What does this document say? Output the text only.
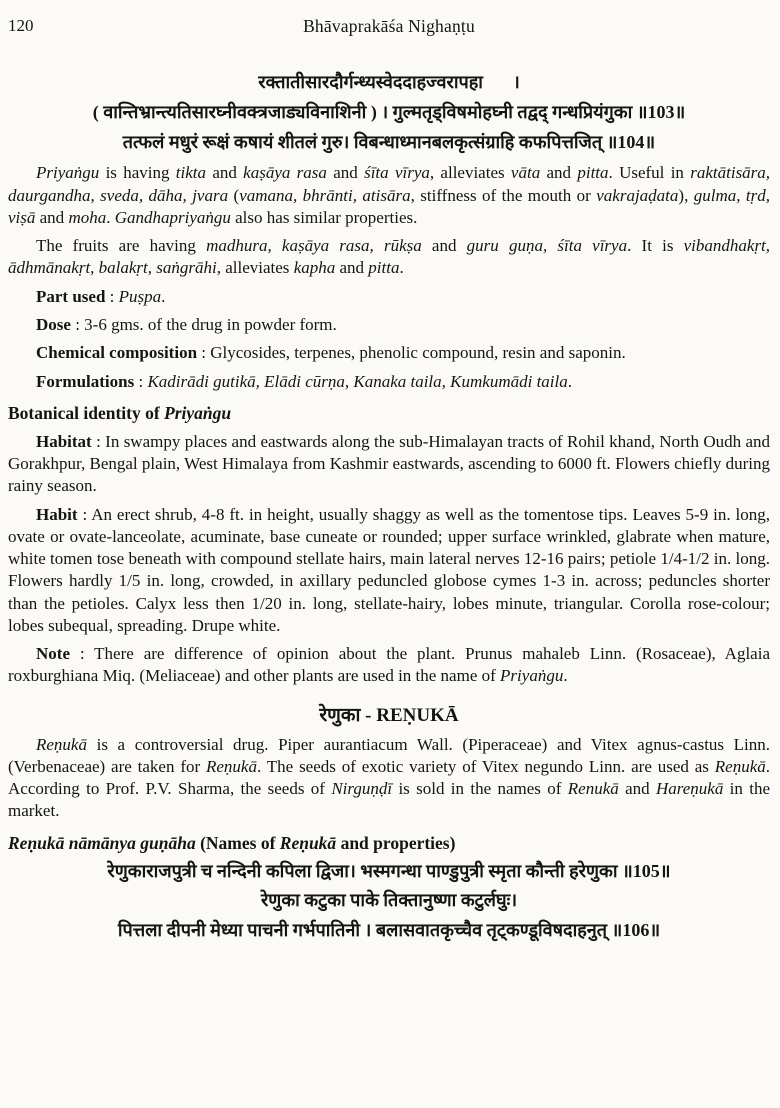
120	Bhāvaprakāśa Nighaṇṭu
रक्तातीसारदौर्गन्ध्यस्वेददाहज्वरापहा ।
( वान्तिभ्रान्त्यतिसारघ्नीवक्त्रजाड्यविनाशिनी ) । गुल्मतृड्विषमोहघ्नी तद्वद् गन्धप्रियंगुका ॥103॥
तत्फलं मधुरं रूक्षं कषायं शीतलं गुरु। विबन्धाध्मानबलकृत्संग्राहि कफपित्तजित् ॥104॥

Priyaṅgu is having tikta and kaṣāya rasa and śīta vīrya, alleviates vāta and pitta. Useful in raktātisāra, daurgandha, sveda, dāha, jvara (vamana, bhrānti, atisāra, stiffness of the mouth or vakrajaḍata), gulma, tṛd, viṣā and moha. Gandhapriyaṅgu also has similar properties.

The fruits are having madhura, kaṣāya rasa, rūkṣa and guru guṇa, śīta vīrya. It is vibandhakṛt, ādhmānakṛt, balakṛt, saṅgrāhi, alleviates kapha and pitta.

Part used : Puṣpa.

Dose : 3-6 gms. of the drug in powder form.

Chemical composition : Glycosides, terpenes, phenolic compound, resin and saponin.

Formulations : Kadirādi gutikā, Elādi cūrṇa, Kanaka taila, Kumkumādi taila.

Botanical identity of Priyaṅgu

Habitat : In swampy places and eastwards along the sub-Himalayan tracts of Rohil khand, North Oudh and Gorakhpur, Bengal plain, West Himalaya from Kashmir eastwards, ascending to 6000 ft. Flowers chiefly during rainy season.

Habit : An erect shrub, 4-8 ft. in height, usually shaggy as well as the tomentose tips. Leaves 5-9 in. long, ovate or ovate-lanceolate, acuminate, base cuneate or rounded; upper surface wrinkled, glabrate when mature, white tomen tose beneath with compound stellate hairs, main lateral nerves 12-16 pairs; petiole 1/4-1/2 in. long. Flowers hardly 1/5 in. long, crowded, in axillary peduncled globose cymes 1-3 in. across; peduncles shorter than the petioles. Calyx less then 1/20 in. long, stellate-hairy, lobes minute, triangular. Corolla rose-colour; lobes subequal, spreading. Drupe white.

Note : There are difference of opinion about the plant. Prunus mahaleb Linn. (Rosaceae), Aglaia roxburghiana Miq. (Meliaceae) and other plants are used in the name of Priyaṅgu.

रेणुका - REṆUKĀ

Reṇukā is a controversial drug. Piper aurantiacum Wall. (Piperaceae) and Vitex agnus-castus Linn. (Verbenaceae) are taken for Reṇukā. The seeds of exotic variety of Vitex negundo Linn. are used as Reṇukā. According to Prof. P.V. Sharma, the seeds of Nirguṇḍī is sold in the names of Renukā and Hareṇukā in the market.

Reṇukā nāmānya guṇāha (Names of Reṇukā and properties)

रेणुकाराजपुत्री च नन्दिनी कपिला द्विजा। भस्मगन्धा पाण्डुपुत्री स्मृता कौन्ती हरेणुका ॥105॥
रेणुका कटुका पाके तिक्तानुष्णा कटुर्लघुः।
पित्तला दीपनी मेध्या पाचनी गर्भपातिनी । बलासवातकृच्चैव तृट्कण्डूविषदाहनुत् ॥106॥
